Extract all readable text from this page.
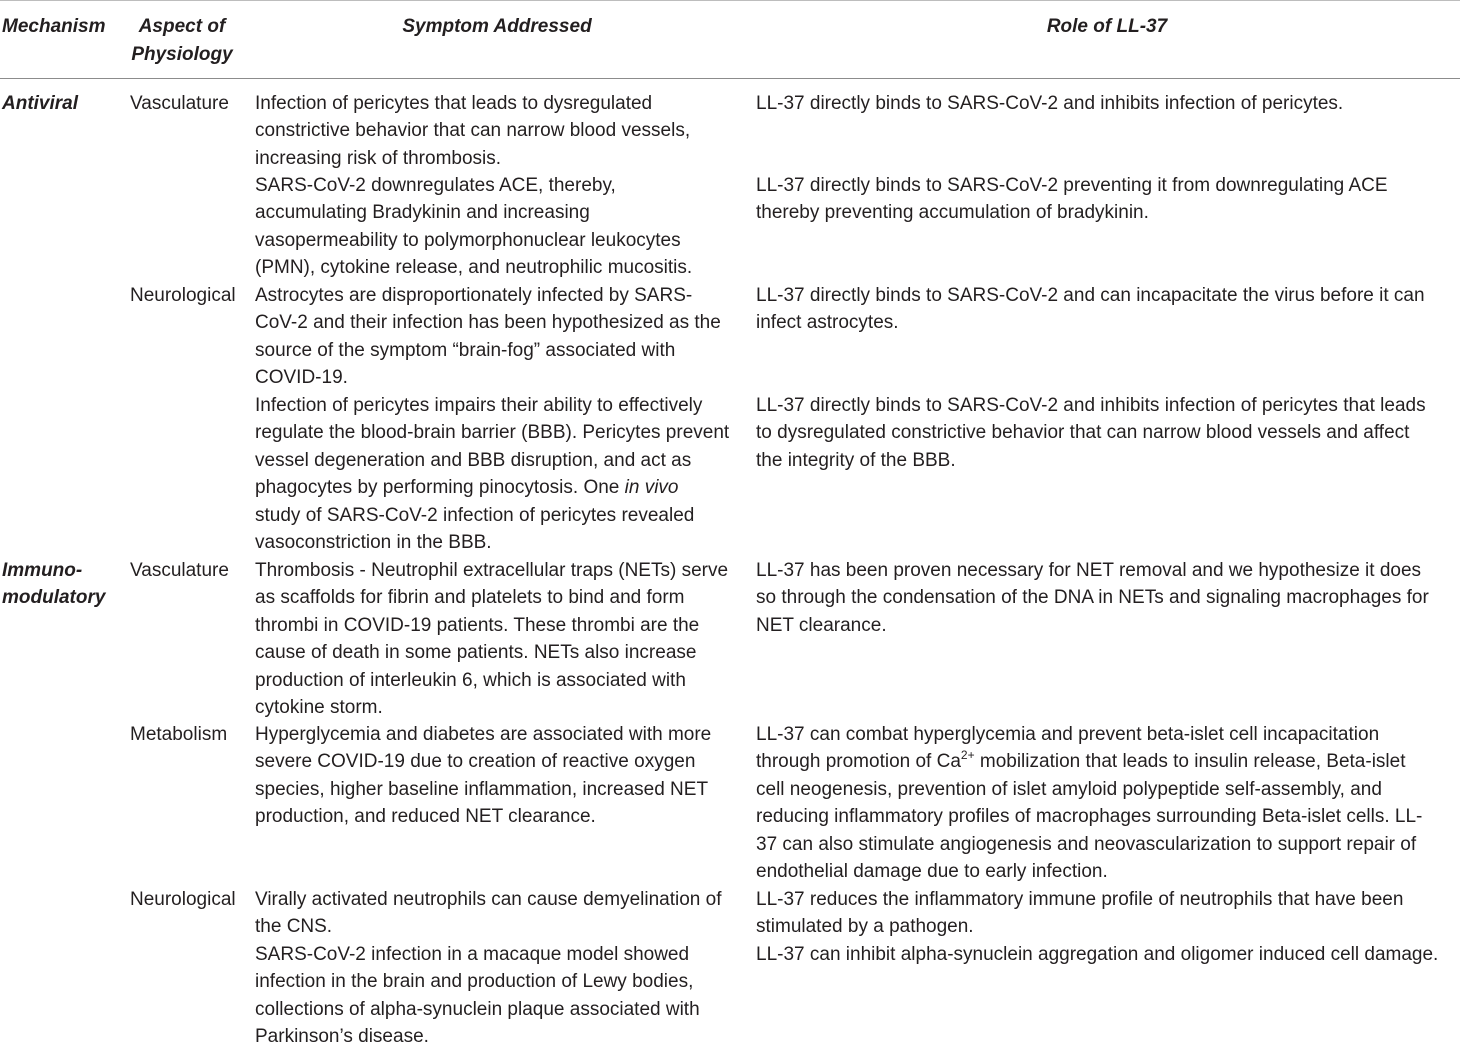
Mechanism	Aspect of
Physiology
Symptom Addressed	Role of LL-37
Antiviral
Immuno-
modulatory
Vasculature
Neurological
Vasculature
Metabolism
Neurological
Infection of pericytes that leads to dysregulated
constrictive behavior that can narrow blood vessels,
increasing risk of thrombosis.
SARS-CoV-2 downregulates ACE, thereby,
accumulating Bradykinin and increasing
vasopermeability to polymorphonuclear leukocytes
(PMN), cytokine release, and neutrophilic mucositis.
Astrocytes are disproportionately infected by SARS-
CoV-2 and their infection has been hypothesized as the
source of the symptom “brain-fog” associated with
COVID-19.
Infection of pericytes impairs their ability to effectively
regulate the blood-brain barrier (BBB). Pericytes prevent
vessel degeneration and BBB disruption, and act as
phagocytes by performing pinocytosis. One in vivo
study of SARS-CoV-2 infection of pericytes revealed
vasoconstriction in the BBB.
Thrombosis - Neutrophil extracellular traps (NETs) serve
as scaffolds for fibrin and platelets to bind and form
thrombi in COVID-19 patients. These thrombi are the
cause of death in some patients. NETs also increase
production of interleukin 6, which is associated with
cytokine storm.
Hyperglycemia and diabetes are associated with more
severe COVID-19 due to creation of reactive oxygen
species, higher baseline inflammation, increased NET
production, and reduced NET clearance.
Virally activated neutrophils can cause demyelination of
the CNS.
SARS-CoV-2 infection in a macaque model showed
infection in the brain and production of Lewy bodies,
collections of alpha-synuclein plaque associated with
Parkinson’s disease.
LL-37 directly binds to SARS-CoV-2 and inhibits infection of pericytes.
LL-37 directly binds to SARS-CoV-2 preventing it from downregulating ACE
thereby preventing accumulation of bradykinin.
LL-37 directly binds to SARS-CoV-2 and can incapacitate the virus before it can
infect astrocytes.
LL-37 directly binds to SARS-CoV-2 and inhibits infection of pericytes that leads
to dysregulated constrictive behavior that can narrow blood vessels and affect
the integrity of the BBB.
LL-37 has been proven necessary for NET removal and we hypothesize it does
so through the condensation of the DNA in NETs and signaling macrophages for
NET clearance.
LL-37 can combat hyperglycemia and prevent beta-islet cell incapacitation
through promotion of $Ca^{2+}$ mobilization that leads to insulin release, Beta-islet
cell neogenesis, prevention of islet amyloid polypeptide self-assembly, and
reducing inflammatory profiles of macrophages surrounding Beta-islet cells. LL-
37 can also stimulate angiogenesis and neovascularization to support repair of
endothelial damage due to early infection.
LL-37 reduces the inflammatory immune profile of neutrophils that have been
stimulated by a pathogen.
LL-37 can inhibit alpha-synuclein aggregation and oligomer induced cell damage.
